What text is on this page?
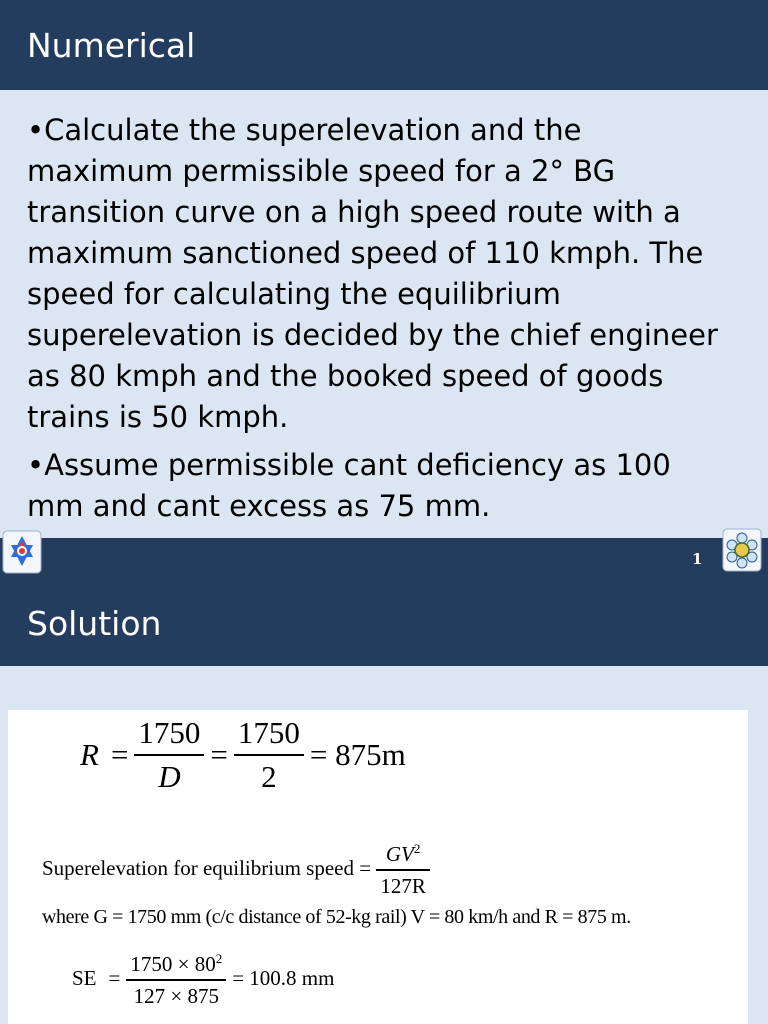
Numerical
•Calculate the superelevation and the maximum permissible speed for a 2° BG transition curve on a high speed route with a maximum sanctioned speed of 110 kmph. The speed for calculating the equilibrium superelevation is decided by the chief engineer as 80 kmph and the booked speed of goods trains is 50 kmph.
•Assume permissible cant deficiency as 100 mm and cant excess as 75 mm.
1
Solution
$R = \frac{1750}{D} = \frac{1750}{2} = 875m$
Superelevation for equilibrium speed = $\frac{GV^2}{127R}$
where G = 1750 mm (c/c distance of 52-kg rail) V = 80 km/h and R = 875 m.
SE = $\frac{1750 \times 80^2}{127 \times 875} = 100.8$ mm
